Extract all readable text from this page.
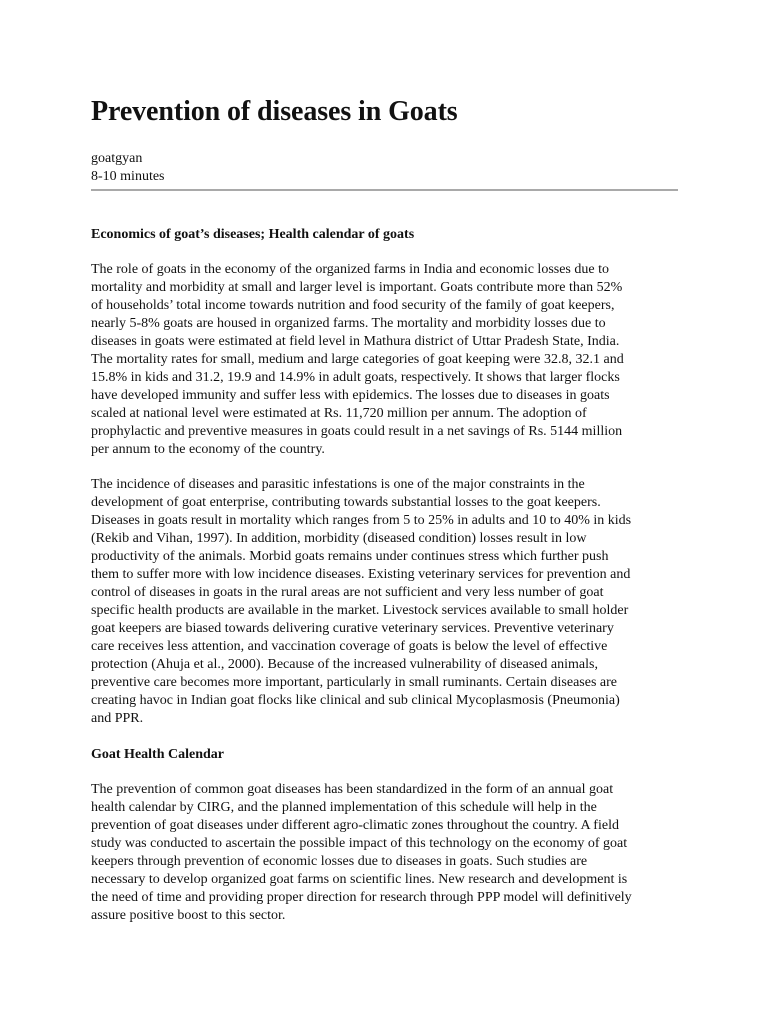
Prevention of diseases in Goats
goatgyan
8-10 minutes
Economics of goat’s diseases; Health calendar of goats

The role of goats in the economy of the organized farms in India and economic losses due to
mortality and morbidity at small and larger level is important. Goats contribute more than 52%
of households’ total income towards nutrition and food security of the family of goat keepers,
nearly 5-8% goats are housed in organized farms. The mortality and morbidity losses due to
diseases in goats were estimated at field level in Mathura district of Uttar Pradesh State, India.
The mortality rates for small, medium and large categories of goat keeping were 32.8, 32.1 and
15.8% in kids and 31.2, 19.9 and 14.9% in adult goats, respectively. It shows that larger flocks
have developed immunity and suffer less with epidemics. The losses due to diseases in goats
scaled at national level were estimated at Rs. 11,720 million per annum. The adoption of
prophylactic and preventive measures in goats could result in a net savings of Rs. 5144 million
per annum to the economy of the country.

The incidence of diseases and parasitic infestations is one of the major constraints in the
development of goat enterprise, contributing towards substantial losses to the goat keepers.
Diseases in goats result in mortality which ranges from 5 to 25% in adults and 10 to 40% in kids
(Rekib and Vihan, 1997). In addition, morbidity (diseased condition) losses result in low
productivity of the animals. Morbid goats remains under continues stress which further push
them to suffer more with low incidence diseases. Existing veterinary services for prevention and
control of diseases in goats in the rural areas are not sufficient and very less number of goat
specific health products are available in the market. Livestock services available to small holder
goat keepers are biased towards delivering curative veterinary services. Preventive veterinary
care receives less attention, and vaccination coverage of goats is below the level of effective
protection (Ahuja et al., 2000). Because of the increased vulnerability of diseased animals,
preventive care becomes more important, particularly in small ruminants. Certain diseases are
creating havoc in Indian goat flocks like clinical and sub clinical Mycoplasmosis (Pneumonia)
and PPR.

Goat Health Calendar

The prevention of common goat diseases has been standardized in the form of an annual goat
health calendar by CIRG, and the planned implementation of this schedule will help in the
prevention of goat diseases under different agro-climatic zones throughout the country. A field
study was conducted to ascertain the possible impact of this technology on the economy of goat
keepers through prevention of economic losses due to diseases in goats. Such studies are
necessary to develop organized goat farms on scientific lines. New research and development is
the need of time and providing proper direction for research through PPP model will definitively
assure positive boost to this sector.
